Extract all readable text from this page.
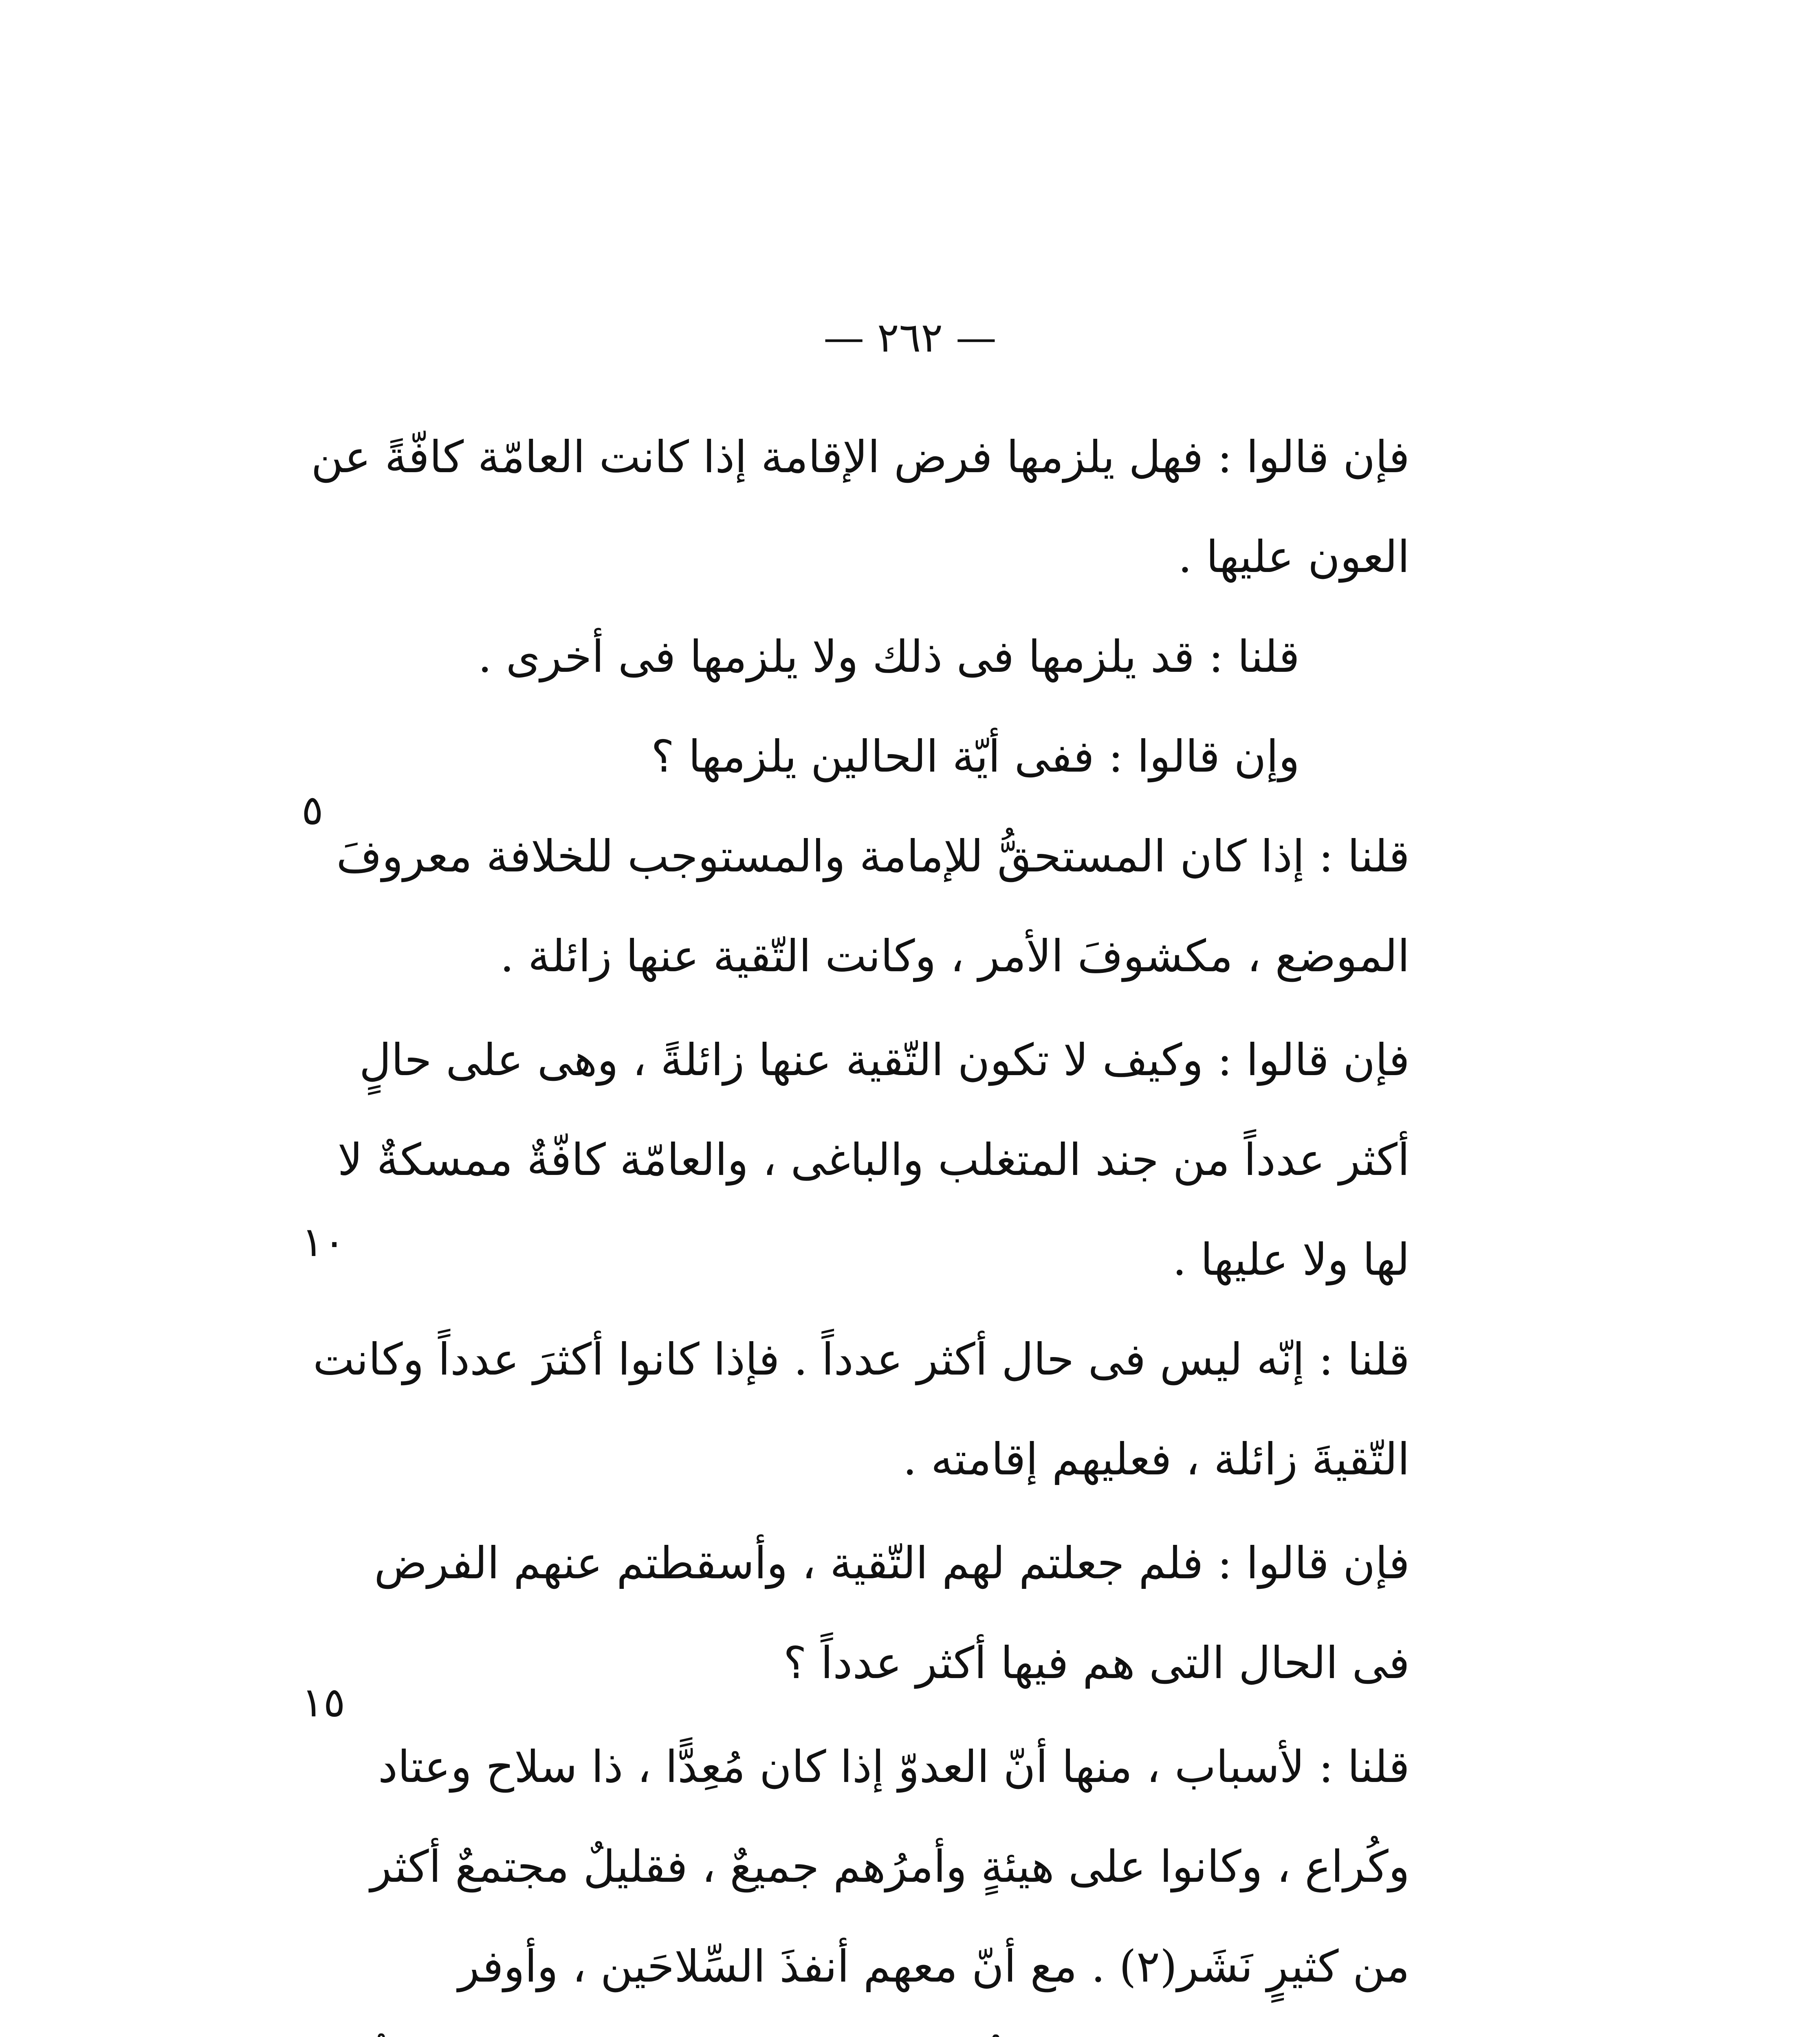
— ٢٦٢ —

فإن قالوا : فهل يلزمها فرض الإقامة إذا كانت العامّة كافّةً عن العون عليها .

قلنا : قد يلزمها فى ذلك ولا يلزمها فى أخرى .

وإن قالوا : ففى أيّة الحالين يلزمها ؟

قلنا : إذا كان المستحقُّ للإمامة والمستوجب للخلافة معروفَ الموضع ، مكشوفَ الأمر ، وكانت التّقية عنها زائلة .

فإن قالوا : وكيف لا تكون التّقية عنها زائلةً ، وهى على حالٍ أكثر عدداً من جند المتغلب والباغى ، والعامّة كافّةٌ ممسكةٌ لا لها ولا عليها .

قلنا : إنّه ليس فى حال أكثر عدداً . فإذا كانوا أكثرَ عدداً وكانت التّقيةَ زائلة ، فعليهم إقامته .

فإن قالوا : فلم جعلتم لهم التّقية ، وأسقطتم عنهم الفرض فى الحال التى هم فيها أكثر عدداً ؟

قلنا : لأسباب ، منها أنّ العدوّ إذا كان مُعِدًّا ، ذا سلاح وعتاد وكُراع ، وكانوا على هيئةٍ وأمرُهم جميعٌ ، فقليلٌ مجتمعٌ أكثر من كثيرٍ نَشَر(٢) . مع أنّ معهم أنفذَ السِّلاحَين ، وأوفر

٥
١٠
١٥
